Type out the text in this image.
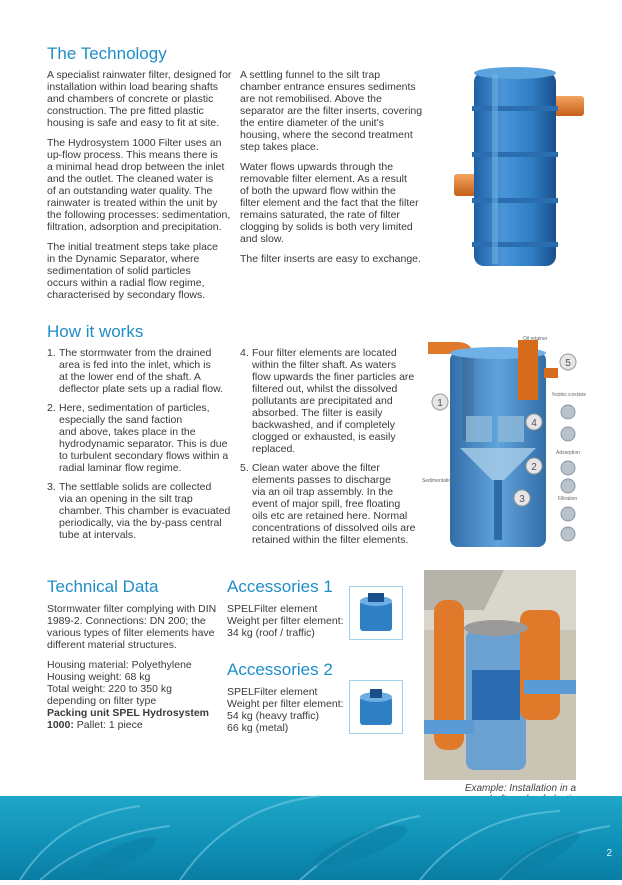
The Technology

A specialist rainwater filter, designed for
installation within load bearing shafts
and chambers of concrete or plastic
construction. The pre fitted plastic
housing is safe and easy to fit at site.

The Hydrosystem 1000 Filter uses an
up-flow process. This means there is
a minimal head drop between the inlet
and the outlet. The cleaned water is
of an outstanding water quality. The
rainwater is treated within the unit by
the following processes: sedimentation,
filtration, adsorption and precipitation.

The initial treatment steps take place
in the Dynamic Separator, where
sedimentation of solid particles
occurs within a radial flow regime,
characterised by secondary flows.

A settling funnel to the silt trap
chamber entrance ensures sediments
are not remobilised. Above the
separator are the filter inserts, covering
the entire diameter of the unit's
housing, where the second treatment
step takes place.

Water flows upwards through the
removable filter element. As a result
of both the upward flow within the
filter element and the fact that the filter
remains saturated, the rate of filter
clogging by solids is both very limited
and slow.

The filter inserts are easy to exchange.

How it works
1. The stormwater from the drained
area is fed into the inlet, which is
at the lower end of the shaft. A
deflector plate sets up a radial flow.
2. Here, sedimentation of particles,
especially the sand faction
and above, takes place in the
hydrodynamic separator. This is due
to turbulent secondary flows within a
radial laminar flow regime.
3. The settlable solids are collected
via an opening in the silt trap
chamber. This chamber is evacuated
periodically, via the by-pass central
tube at intervals.
4. Four filter elements are located
within the filter shaft. As waters
flow upwards the finer particles are
filtered out, whilst the dissolved
pollutants are precipitated and
absorbed. The filter is easily
backwashed, and if completely
clogged or exhausted, is easily
replaced.
5. Clean water above the filter
elements passes to discharge
via an oil trap assembly. In the
event of major spill, free floating
oils etc are retained here. Normal
concentrations of dissolved oils are
retained within the filter elements.
1
2
3
4
5
Oil retainer
Precipitation, co-precipitation
Adsorption
Filtration
Sedimentation
Technical Data

Stormwater filter complying with DIN
1989-2. Connections: DN 200; the
various types of filter elements have
different material structures.

Housing material: Polyethylene
Housing weight: 68 kg
Total weight: 220 to 350 kg
depending on filter type
Packing unit SPEL Hydrosystem
1000: Pallet: 1 piece

Accessories 1
SPELFilter element
Weight per filter element:
34 kg (roof / traffic)
Accessories 2
SPELFilter element
Weight per filter element:
54 kg (heavy traffic)
66 kg (metal)
Example: Installation in a

2
